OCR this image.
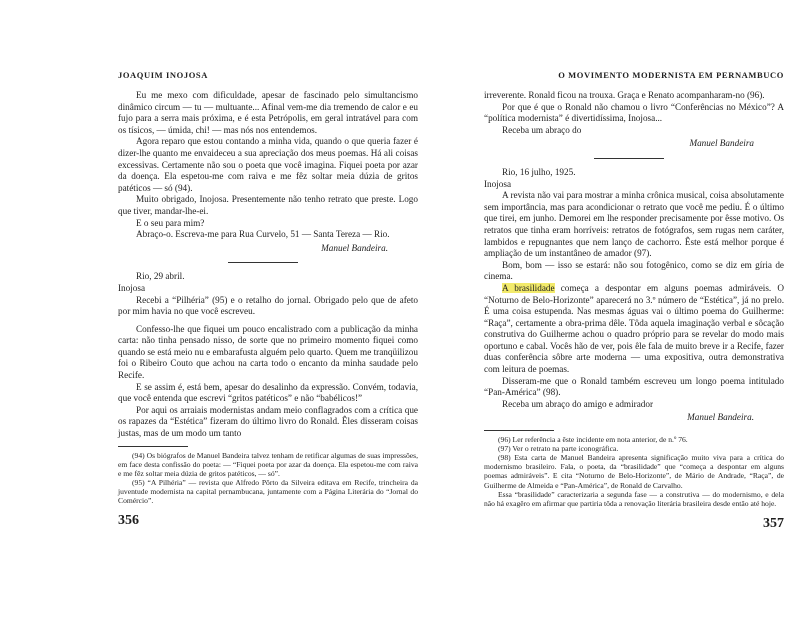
JOAQUIM INOJOSA

Eu me mexo com dificuldade, apesar de fascinado pelo simultancismo dinâmico circum — tu — multuante... Afinal vem-me dia tremendo de calor e eu fujo para a serra mais próxima, e é esta Petrópolis, em geral intratável para com os tísicos, — úmida, chi! — mas nós nos entendemos.

Agora reparo que estou contando a minha vida, quando o que queria fazer é dizer-lhe quanto me envaideceu a sua apreciação dos meus poemas. Há ali coisas excessivas. Certamente não sou o poeta que você imagina. Fiquei poeta por azar da doença. Ela espetou-me com raiva e me fêz soltar meia dúzia de gritos patéticos — só (94).

Muito obrigado, Inojosa. Presentemente não tenho retrato que preste. Logo que tiver, mandar-lhe-ei.

E o seu para mim?

Abraço-o. Escreva-me para Rua Curvelo, 51 — Santa Tereza — Rio.

Manuel Bandeira.

Rio, 29 abril.

Inojosa

Recebi a “Pilhéria” (95) e o retalho do jornal. Obrigado pelo que de afeto por mim havia no que você escreveu.

Confesso-lhe que fiquei um pouco encalistrado com a publicação da minha carta: não tinha pensado nisso, de sorte que no primeiro momento fiquei como quando se está meio nu e embarafusta alguém pelo quarto. Quem me tranqüilizou foi o Ribeiro Couto que achou na carta todo o encanto da minha saudade pelo Recife.

E se assim é, está bem, apesar do desalinho da expressão. Convém, todavia, que você entenda que escrevi “gritos patéticos” e não “babélicos!”

Por aqui os arraiais modernistas andam meio conflagrados com a crítica que os rapazes da “Estética” fizeram do último livro do Ronald. Êles disseram coisas justas, mas de um modo um tanto

(94) Os biógrafos de Manuel Bandeira talvez tenham de retificar algumas de suas impressões, em face desta confissão do poeta: — “Fiquei poeta por azar da doença. Ela espetou-me com raiva e me fêz soltar meia dúzia de gritos patéticos, — só”.

(95) “A Pilhéria” — revista que Alfredo Pôrto da Silveira editava em Recife, trincheira da juventude modernista na capital pernambucana, juntamente com a Página Literária do “Jornal do Comércio”.

356
O MOVIMENTO MODERNISTA EM PERNAMBUCO

irreverente. Ronald ficou na trouxa. Graça e Renato acompanharam-no (96).

Por que é que o Ronald não chamou o livro “Conferências no México”? A “política modernista” é divertidíssima, Inojosa...

Receba um abraço do

Manuel Bandeira

Rio, 16 julho, 1925.

Inojosa

A revista não vai para mostrar a minha crônica musical, coisa absolutamente sem importância, mas para acondicionar o retrato que você me pediu. É o último que tirei, em junho. Demorei em lhe responder precisamente por êsse motivo. Os retratos que tinha eram horríveis: retratos de fotógrafos, sem rugas nem caráter, lambidos e repugnantes que nem lanço de cachorro. Êste está melhor porque é ampliação de um instantâneo de amador (97).

Bom, bom — isso se estará: não sou fotogênico, como se diz em gíria de cinema.

A brasilidade começa a despontar em alguns poemas admiráveis. O “Noturno de Belo-Horizonte” aparecerá no 3.º número de “Estética”, já no prelo. É uma coisa estupenda. Nas mesmas águas vai o último poema do Guilherme: “Raça”, certamente a obra-prima dêle. Tôda aquela imaginação verbal e sôcação construtiva do Guilherme achou o quadro próprio para se revelar do modo mais oportuno e cabal. Vocês hão de ver, pois êle fala de muito breve ir a Recife, fazer duas conferência sôbre arte moderna — uma expositiva, outra demonstrativa com leitura de poemas.

Disseram-me que o Ronald também escreveu um longo poema intitulado “Pan-América” (98).

Receba um abraço do amigo e admirador

Manuel Bandeira.

(96) Ler referência a êste incidente em nota anterior, de n.º 76.

(97) Ver o retrato na parte iconográfica.

(98) Esta carta de Manuel Bandeira apresenta significação muito viva para a crítica do modernismo brasileiro. Fala, o poeta, da “brasilidade” que “começa a despontar em alguns poemas admiráveis”. E cita “Noturno de Belo-Horizonte”, de Mário de Andrade, “Raça”, de Guilherme de Almeida e “Pan-América”, de Ronald de Carvalho.

Essa “brasilidade” caracterizaria a segunda fase — a construtiva — do modernismo, e dela não há exagêro em afirmar que partiria tôda a renovação literária brasileira desde então até hoje.

357
